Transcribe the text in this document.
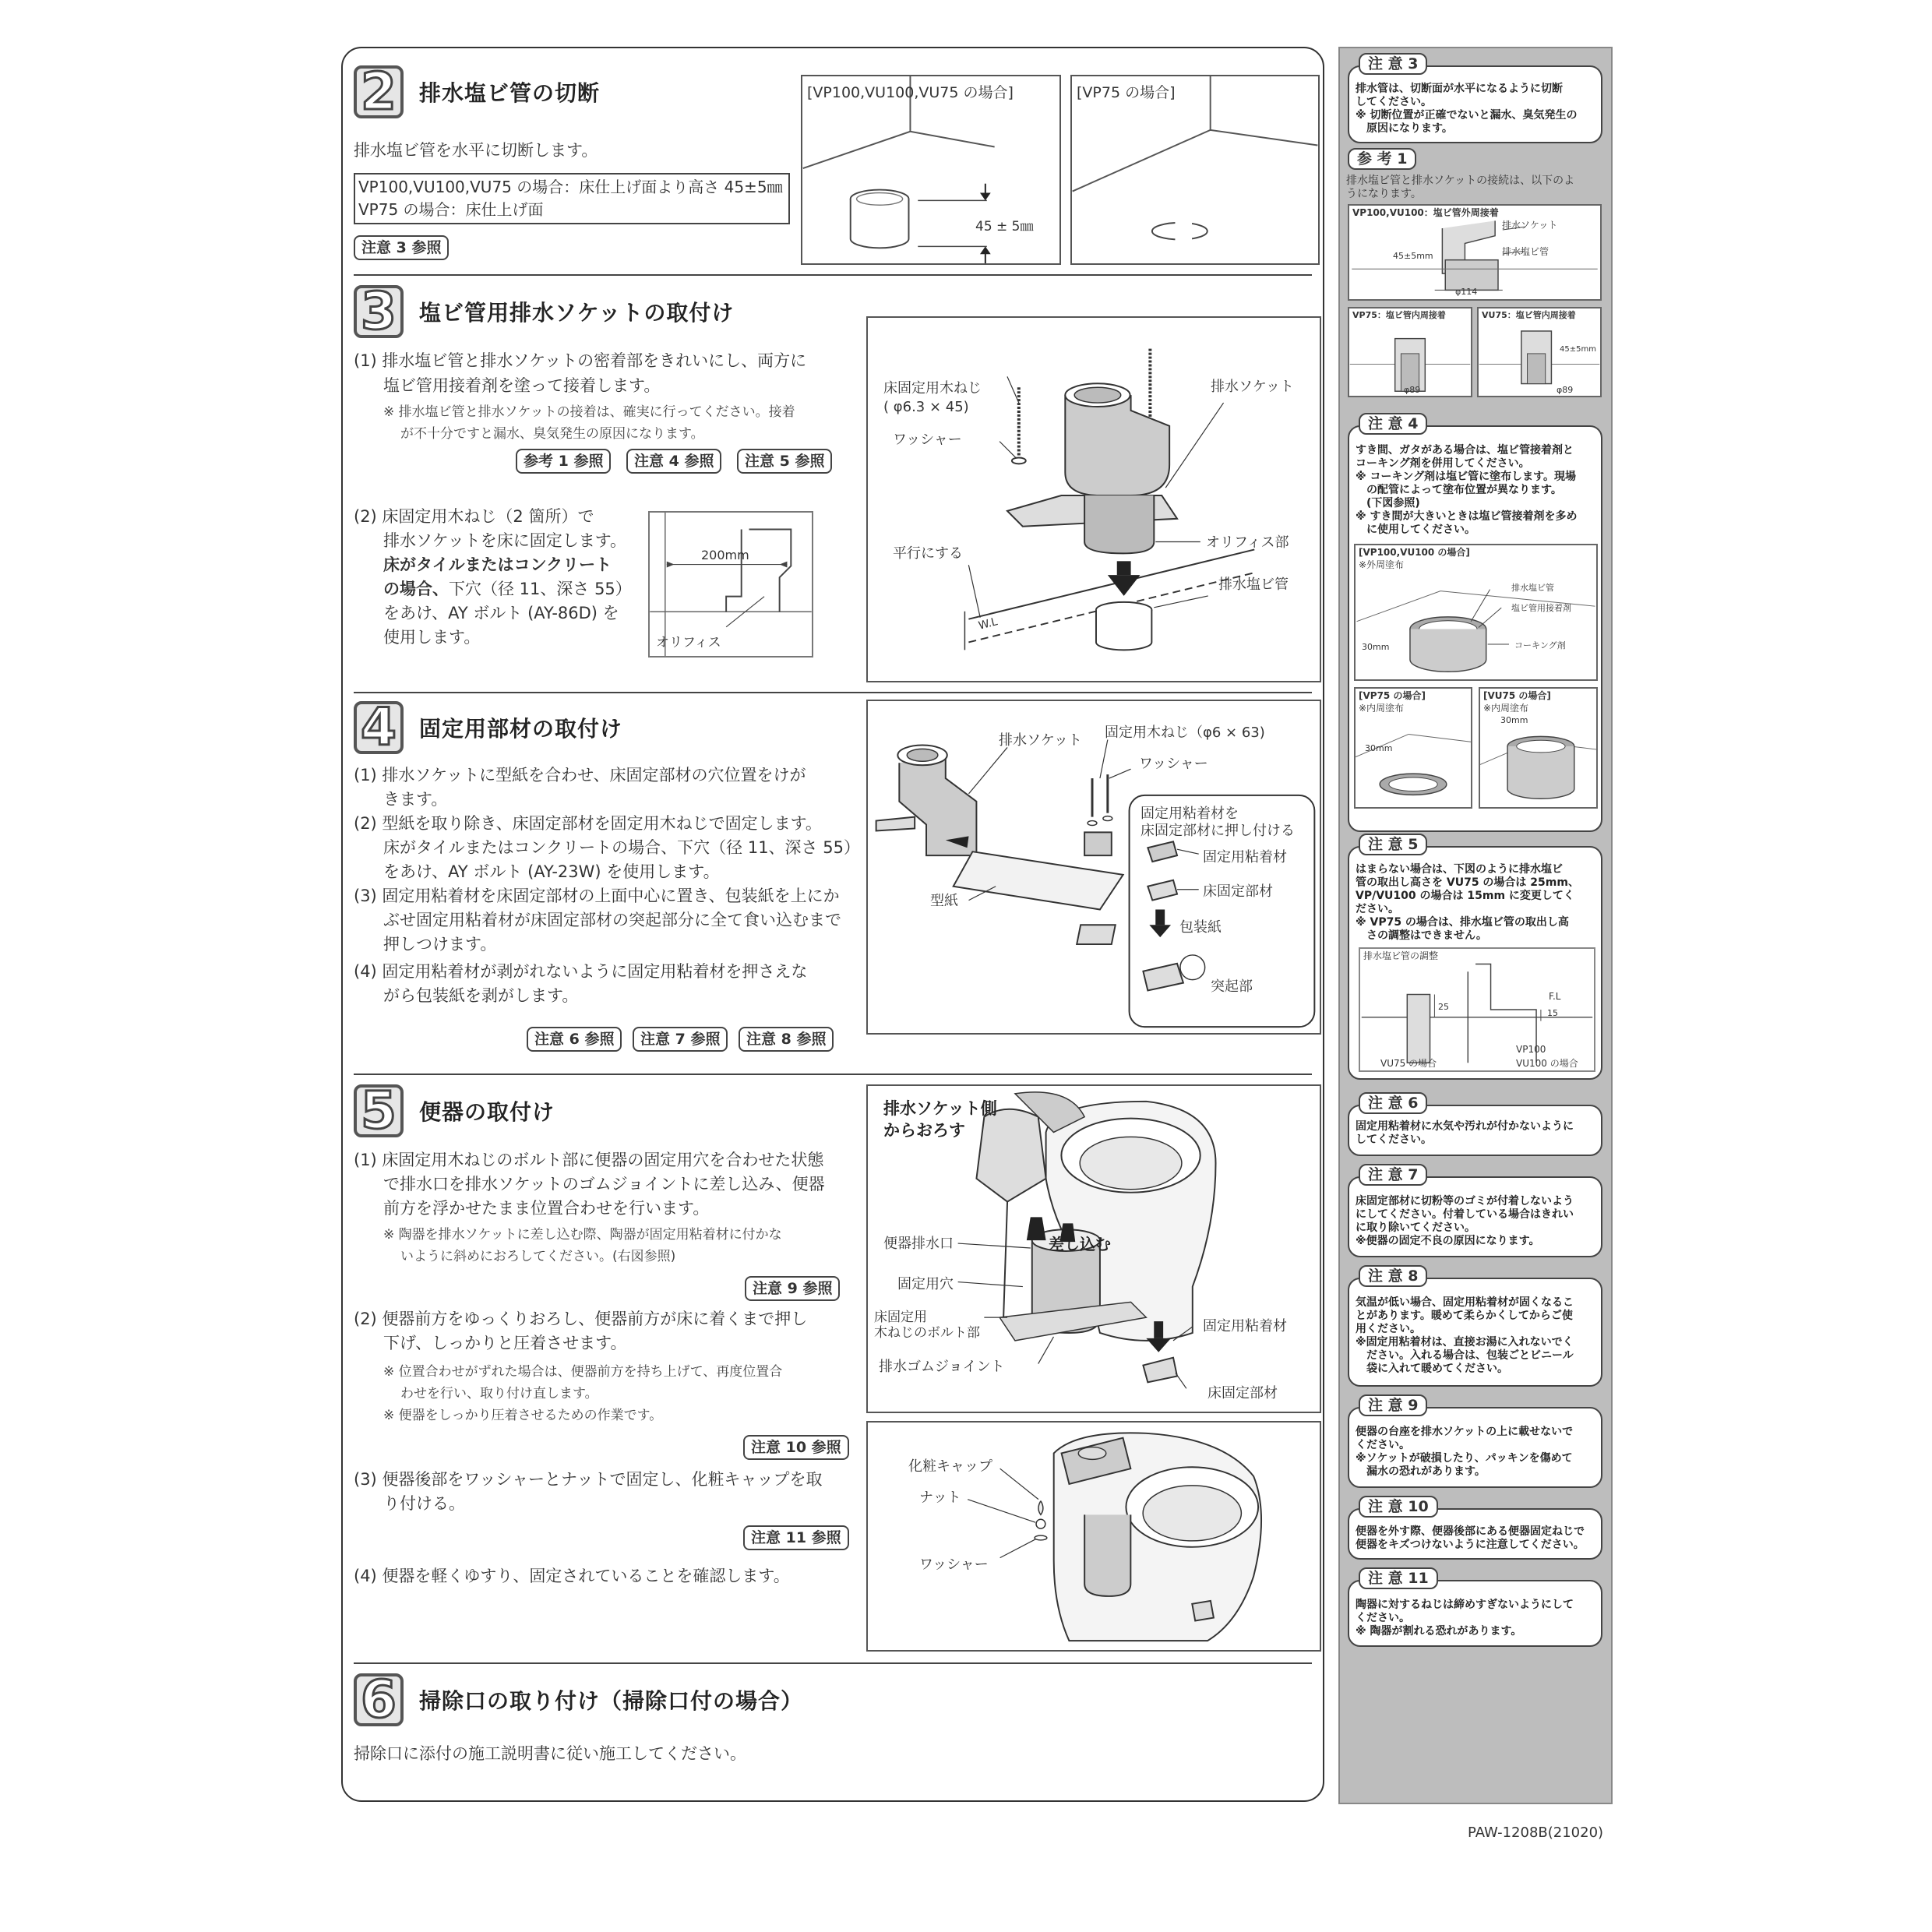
2	排水塩ビ管の切断
排水塩ビ管を水平に切断します。
VP100,VU100,VU75 の場合：床仕上げ面より高さ 45±5㎜
VP75 の場合：床仕上げ面
注意 3 参照
[VP100,VU100,VU75 の場合]
45 ± 5㎜
[VP75 の場合]
3	塩ビ管用排水ソケットの取付け
(1) 排水塩ビ管と排水ソケットの密着部をきれいにし、両方に
塩ビ管用接着剤を塗って接着します。
※ 排水塩ビ管と排水ソケットの接着は、確実に行ってください。接着
が不十分ですと漏水、臭気発生の原因になります。
参考 1 参照	注意 4 参照	注意 5 参照
(2) 床固定用木ねじ（2 箇所）で
排水ソケットを床に固定します。
床がタイルまたはコンクリート
の場合、下穴（径 11、深さ 55）
をあけ、AY ボルト (AY-86D) を
使用します。
200mm
オリフィス
床固定用木ねじ
( φ6.3 × 45)
ワッシャー
排水ソケット
平行にする
オリフィス部
排水塩ビ管
W.L
4	固定用部材の取付け
(1) 排水ソケットに型紙を合わせ、床固定部材の穴位置をけが
きます。
(2) 型紙を取り除き、床固定部材を固定用木ねじで固定します。
床がタイルまたはコンクリートの場合、下穴（径 11、深さ 55）
をあけ、AY ボルト (AY-23W) を使用します。
(3) 固定用粘着材を床固定部材の上面中心に置き、包装紙を上にか
ぶせ固定用粘着材が床固定部材の突起部分に全て食い込むまで
押しつけます。
(4) 固定用粘着材が剥がれないように固定用粘着材を押さえな
がら包装紙を剥がします。
注意 6 参照	注意 7 参照	注意 8 参照
排水ソケット 固定用木ねじ（φ6 × 63)
ワッシャー
固定用粘着材を
床固定部材に押し付ける
固定用粘着材
床固定部材
包装紙
型紙
突起部
5	便器の取付け
(1) 床固定用木ねじのボルト部に便器の固定用穴を合わせた状態
で排水口を排水ソケットのゴムジョイントに差し込み、便器
前方を浮かせたまま位置合わせを行います。
※ 陶器を排水ソケットに差し込む際、陶器が固定用粘着材に付かな
いように斜めにおろしてください。(右図参照)
注意 9 参照
(2) 便器前方をゆっくりおろし、便器前方が床に着くまで押し
下げ、しっかりと圧着させます。
※ 位置合わせがずれた場合は、便器前方を持ち上げて、再度位置合
わせを行い、取り付け直します。
※ 便器をしっかり圧着させるための作業です。
注意 10 参照
(3) 便器後部をワッシャーとナットで固定し、化粧キャップを取
り付ける。
注意 11 参照
(4) 便器を軽くゆすり、固定されていることを確認します。
排水ソケット側
からおろす
便器排水口	差し込む
固定用穴
床固定用
木ねじのボルト部	固定用粘着材
排水ゴムジョイント
床固定部材
化粧キャップ
ナット
ワッシャー
6	掃除口の取り付け（掃除口付の場合）
掃除口に添付の施工説明書に従い施工してください。
排水管は、切断面が水平になるように切断
してください。
※ 切断位置が正確でないと漏水、臭気発生の
原因になります。
注 意 3
参 考 1
排水塩ビ管と排水ソケットの接続は、以下のよ
うになります。
VP100,VU100：塩ビ管外周接着
排水ソケット
排水塩ビ管
45±5mm
φ114
VP75：塩ビ管内周接着
φ89
VU75：塩ビ管内周接着
45±5mm
φ89
すき間、ガタがある場合は、塩ビ管接着剤と
コーキング剤を併用してください。
※ コーキング剤は塩ビ管に塗布します。現場
の配管によって塗布位置が異なります。
(下図参照)
※ すき間が大きいときは塩ビ管接着剤を多め
に使用してください。
[VP100,VU100 の場合]
※外周塗布
排水塩ビ管
塩ビ管用接着剤
コーキング剤
30mm
[VP75 の場合]
※内周塗布
30mm
[VU75 の場合]
※内周塗布
30mm
注 意 4
はまらない場合は、下図のように排水塩ビ
管の取出し高さを VU75 の場合は 25mm、
VP/VU100 の場合は 15mm に変更してく
ださい。
※ VP75 の場合は、排水塩ビ管の取出し高
さの調整はできません。
排水塩ビ管の調整
F.L
25
15
VU75 の場合
VP100
VU100 の場合
注 意 5
固定用粘着材に水気や汚れが付かないように
してください。
注 意 6
床固定部材に切粉等のゴミが付着しないよう
にしてください。付着している場合はきれい
に取り除いてください。
※便器の固定不良の原因になります。
注 意 7
気温が低い場合、固定用粘着材が固くなるこ
とがあります。暖めて柔らかくしてからご使
用ください。
※固定用粘着材は、直接お湯に入れないでく
ださい。入れる場合は、包装ごとビニール
袋に入れて暖めてください。
注 意 8
便器の台座を排水ソケットの上に載せないで
ください。
※ソケットが破損したり、パッキンを傷めて
漏水の恐れがあります。
注 意 9
便器を外す際、便器後部にある便器固定ねじで
便器をキズつけないように注意してください。
注 意 10
陶器に対するねじは締めすぎないようにして
ください。
※ 陶器が割れる恐れがあります。
注 意 11
PAW-1208B(21020)
